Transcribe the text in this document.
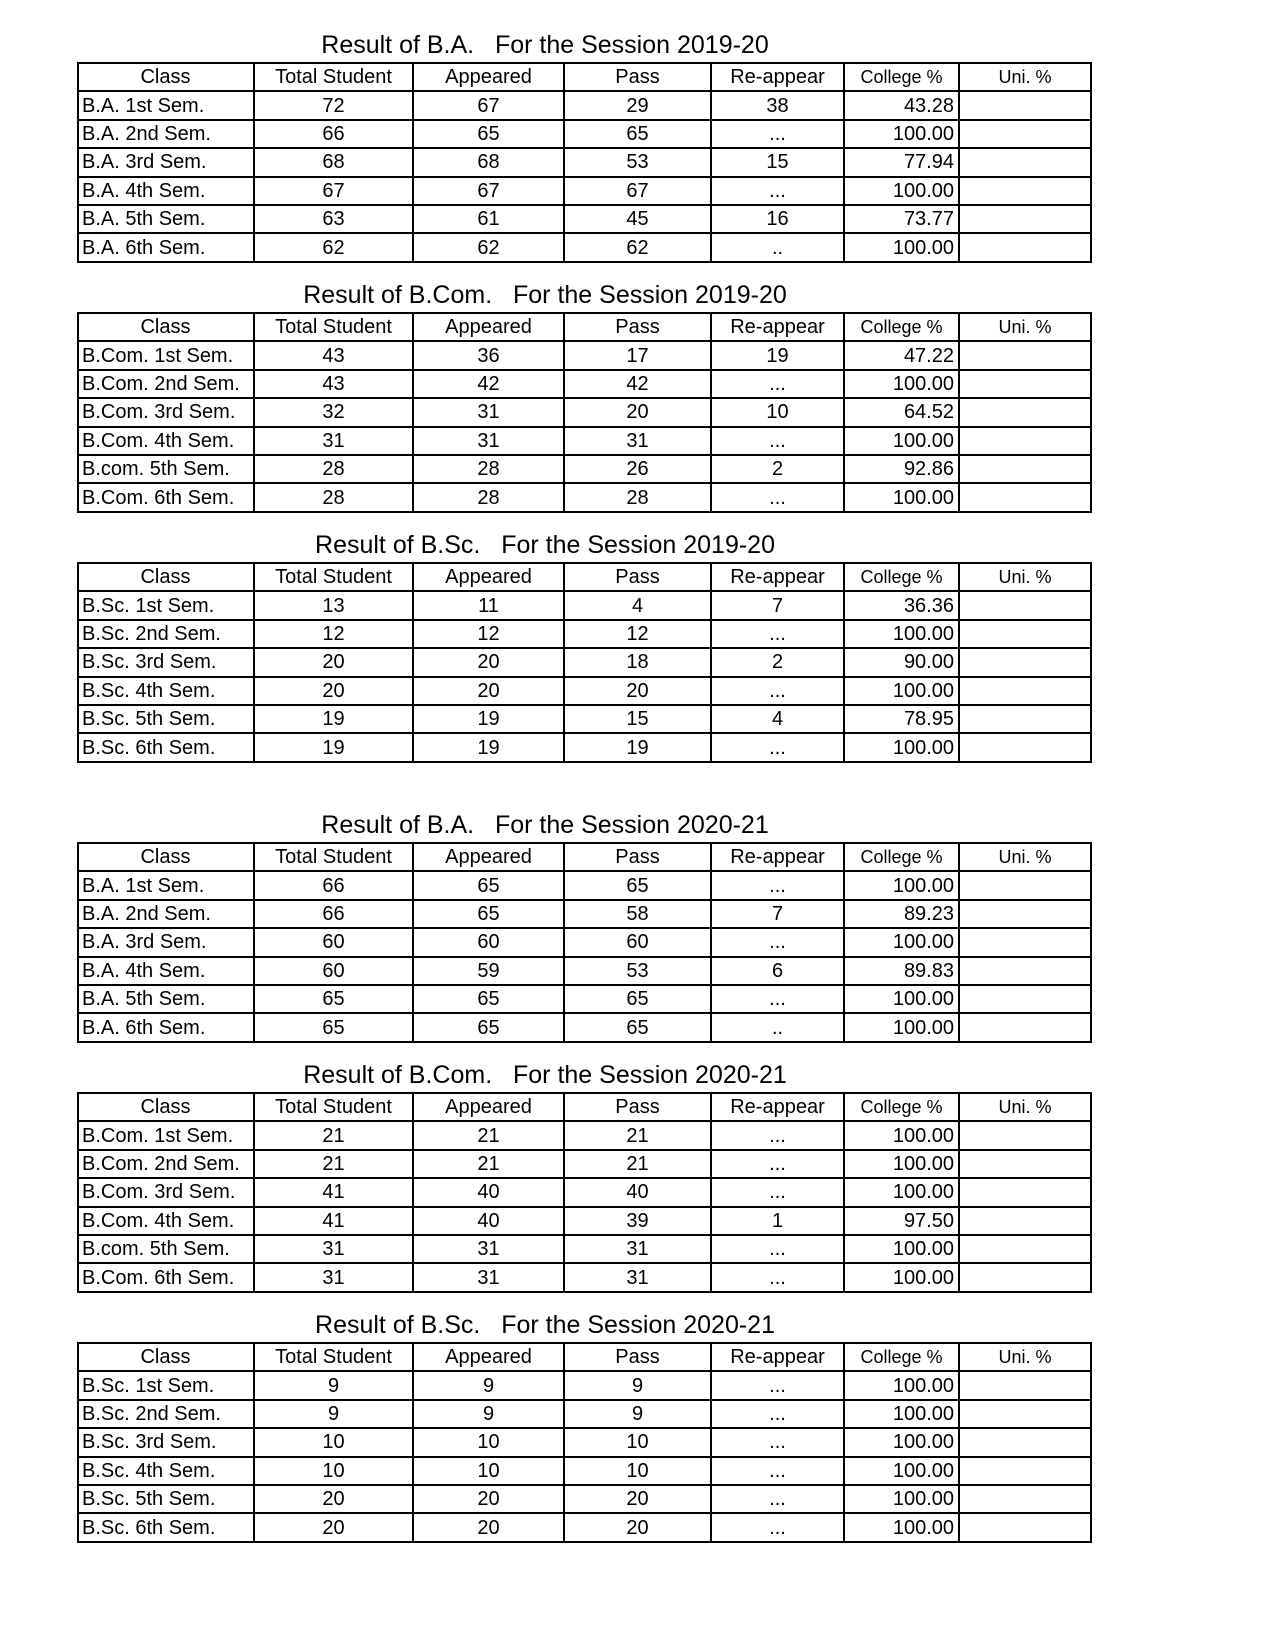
Result of B.A.   For the Session 2019-20
Class	Total Student	Appeared	Pass	Re-appear	College %	Uni. %
B.A. 1st Sem.	72	67	29	38	43.28	
B.A. 2nd Sem.	66	65	65	...	100.00	
B.A. 3rd Sem.	68	68	53	15	77.94	
B.A. 4th Sem.	67	67	67	...	100.00	
B.A. 5th Sem.	63	61	45	16	73.77	
B.A. 6th Sem.	62	62	62	..	100.00	
Result of B.Com.   For the Session 2019-20
Class	Total Student	Appeared	Pass	Re-appear	College %	Uni. %
B.Com. 1st Sem.	43	36	17	19	47.22	
B.Com. 2nd Sem.	43	42	42	...	100.00	
B.Com. 3rd Sem.	32	31	20	10	64.52	
B.Com. 4th Sem.	31	31	31	...	100.00	
B.com. 5th Sem.	28	28	26	2	92.86	
B.Com. 6th Sem.	28	28	28	...	100.00	
Result of B.Sc.   For the Session 2019-20
Class	Total Student	Appeared	Pass	Re-appear	College %	Uni. %
B.Sc. 1st Sem.	13	11	4	7	36.36	
B.Sc. 2nd Sem.	12	12	12	...	100.00	
B.Sc. 3rd Sem.	20	20	18	2	90.00	
B.Sc. 4th Sem.	20	20	20	...	100.00	
B.Sc. 5th Sem.	19	19	15	4	78.95	
B.Sc. 6th Sem.	19	19	19	...	100.00	
Result of B.A.   For the Session 2020-21
Class	Total Student	Appeared	Pass	Re-appear	College %	Uni. %
B.A. 1st Sem.	66	65	65	...	100.00	
B.A. 2nd Sem.	66	65	58	7	89.23	
B.A. 3rd Sem.	60	60	60	...	100.00	
B.A. 4th Sem.	60	59	53	6	89.83	
B.A. 5th Sem.	65	65	65	...	100.00	
B.A. 6th Sem.	65	65	65	..	100.00	
Result of B.Com.   For the Session 2020-21
Class	Total Student	Appeared	Pass	Re-appear	College %	Uni. %
B.Com. 1st Sem.	21	21	21	...	100.00	
B.Com. 2nd Sem.	21	21	21	...	100.00	
B.Com. 3rd Sem.	41	40	40	...	100.00	
B.Com. 4th Sem.	41	40	39	1	97.50	
B.com. 5th Sem.	31	31	31	...	100.00	
B.Com. 6th Sem.	31	31	31	...	100.00	
Result of B.Sc.   For the Session 2020-21
Class	Total Student	Appeared	Pass	Re-appear	College %	Uni. %
B.Sc. 1st Sem.	9	9	9	...	100.00	
B.Sc. 2nd Sem.	9	9	9	...	100.00	
B.Sc. 3rd Sem.	10	10	10	...	100.00	
B.Sc. 4th Sem.	10	10	10	...	100.00	
B.Sc. 5th Sem.	20	20	20	...	100.00	
B.Sc. 6th Sem.	20	20	20	...	100.00	
